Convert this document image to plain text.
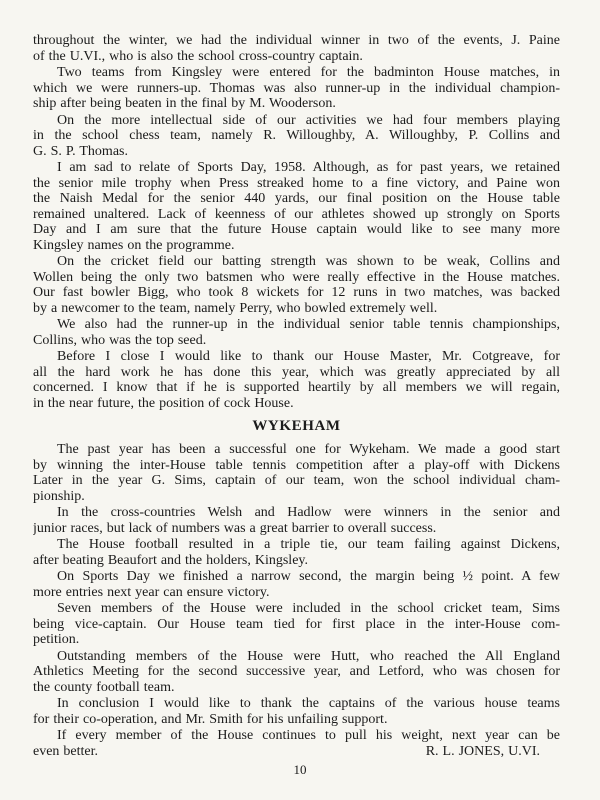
throughout the winter, we had the individual winner in two of the events, J. Paine
of the U.VI., who is also the school cross-country captain.
Two teams from Kingsley were entered for the badminton House matches, in
which we were runners-up. Thomas was also runner-up in the individual champion-
ship after being beaten in the final by M. Wooderson.
On the more intellectual side of our activities we had four members playing
in the school chess team, namely R. Willoughby, A. Willoughby, P. Collins and
G. S. P. Thomas.
I am sad to relate of Sports Day, 1958. Although, as for past years, we retained
the senior mile trophy when Press streaked home to a fine victory, and Paine won
the Naish Medal for the senior 440 yards, our final position on the House table
remained unaltered. Lack of keenness of our athletes showed up strongly on Sports
Day and I am sure that the future House captain would like to see many more
Kingsley names on the programme.
On the cricket field our batting strength was shown to be weak, Collins and
Wollen being the only two batsmen who were really effective in the House matches.
Our fast bowler Bigg, who took 8 wickets for 12 runs in two matches, was backed
by a newcomer to the team, namely Perry, who bowled extremely well.
We also had the runner-up in the individual senior table tennis championships,
Collins, who was the top seed.
Before I close I would like to thank our House Master, Mr. Cotgreave, for
all the hard work he has done this year, which was greatly appreciated by all
concerned. I know that if he is supported heartily by all members we will regain,
in the near future, the position of cock House.
WYKEHAM
The past year has been a successful one for Wykeham. We made a good start
by winning the inter-House table tennis competition after a play-off with Dickens
Later in the year G. Sims, captain of our team, won the school individual cham-
pionship.
In the cross-countries Welsh and Hadlow were winners in the senior and
junior races, but lack of numbers was a great barrier to overall success.
The House football resulted in a triple tie, our team failing against Dickens,
after beating Beaufort and the holders, Kingsley.
On Sports Day we finished a narrow second, the margin being ½ point. A few
more entries next year can ensure victory.
Seven members of the House were included in the school cricket team, Sims
being vice-captain. Our House team tied for first place in the inter-House com-
petition.
Outstanding members of the House were Hutt, who reached the All England
Athletics Meeting for the second successive year, and Letford, who was chosen for
the county football team.
In conclusion I would like to thank the captains of the various house teams
for their co-operation, and Mr. Smith for his unfailing support.
If every member of the House continues to pull his weight, next year can be
even better.	R. L. JONES, U.VI.
10
